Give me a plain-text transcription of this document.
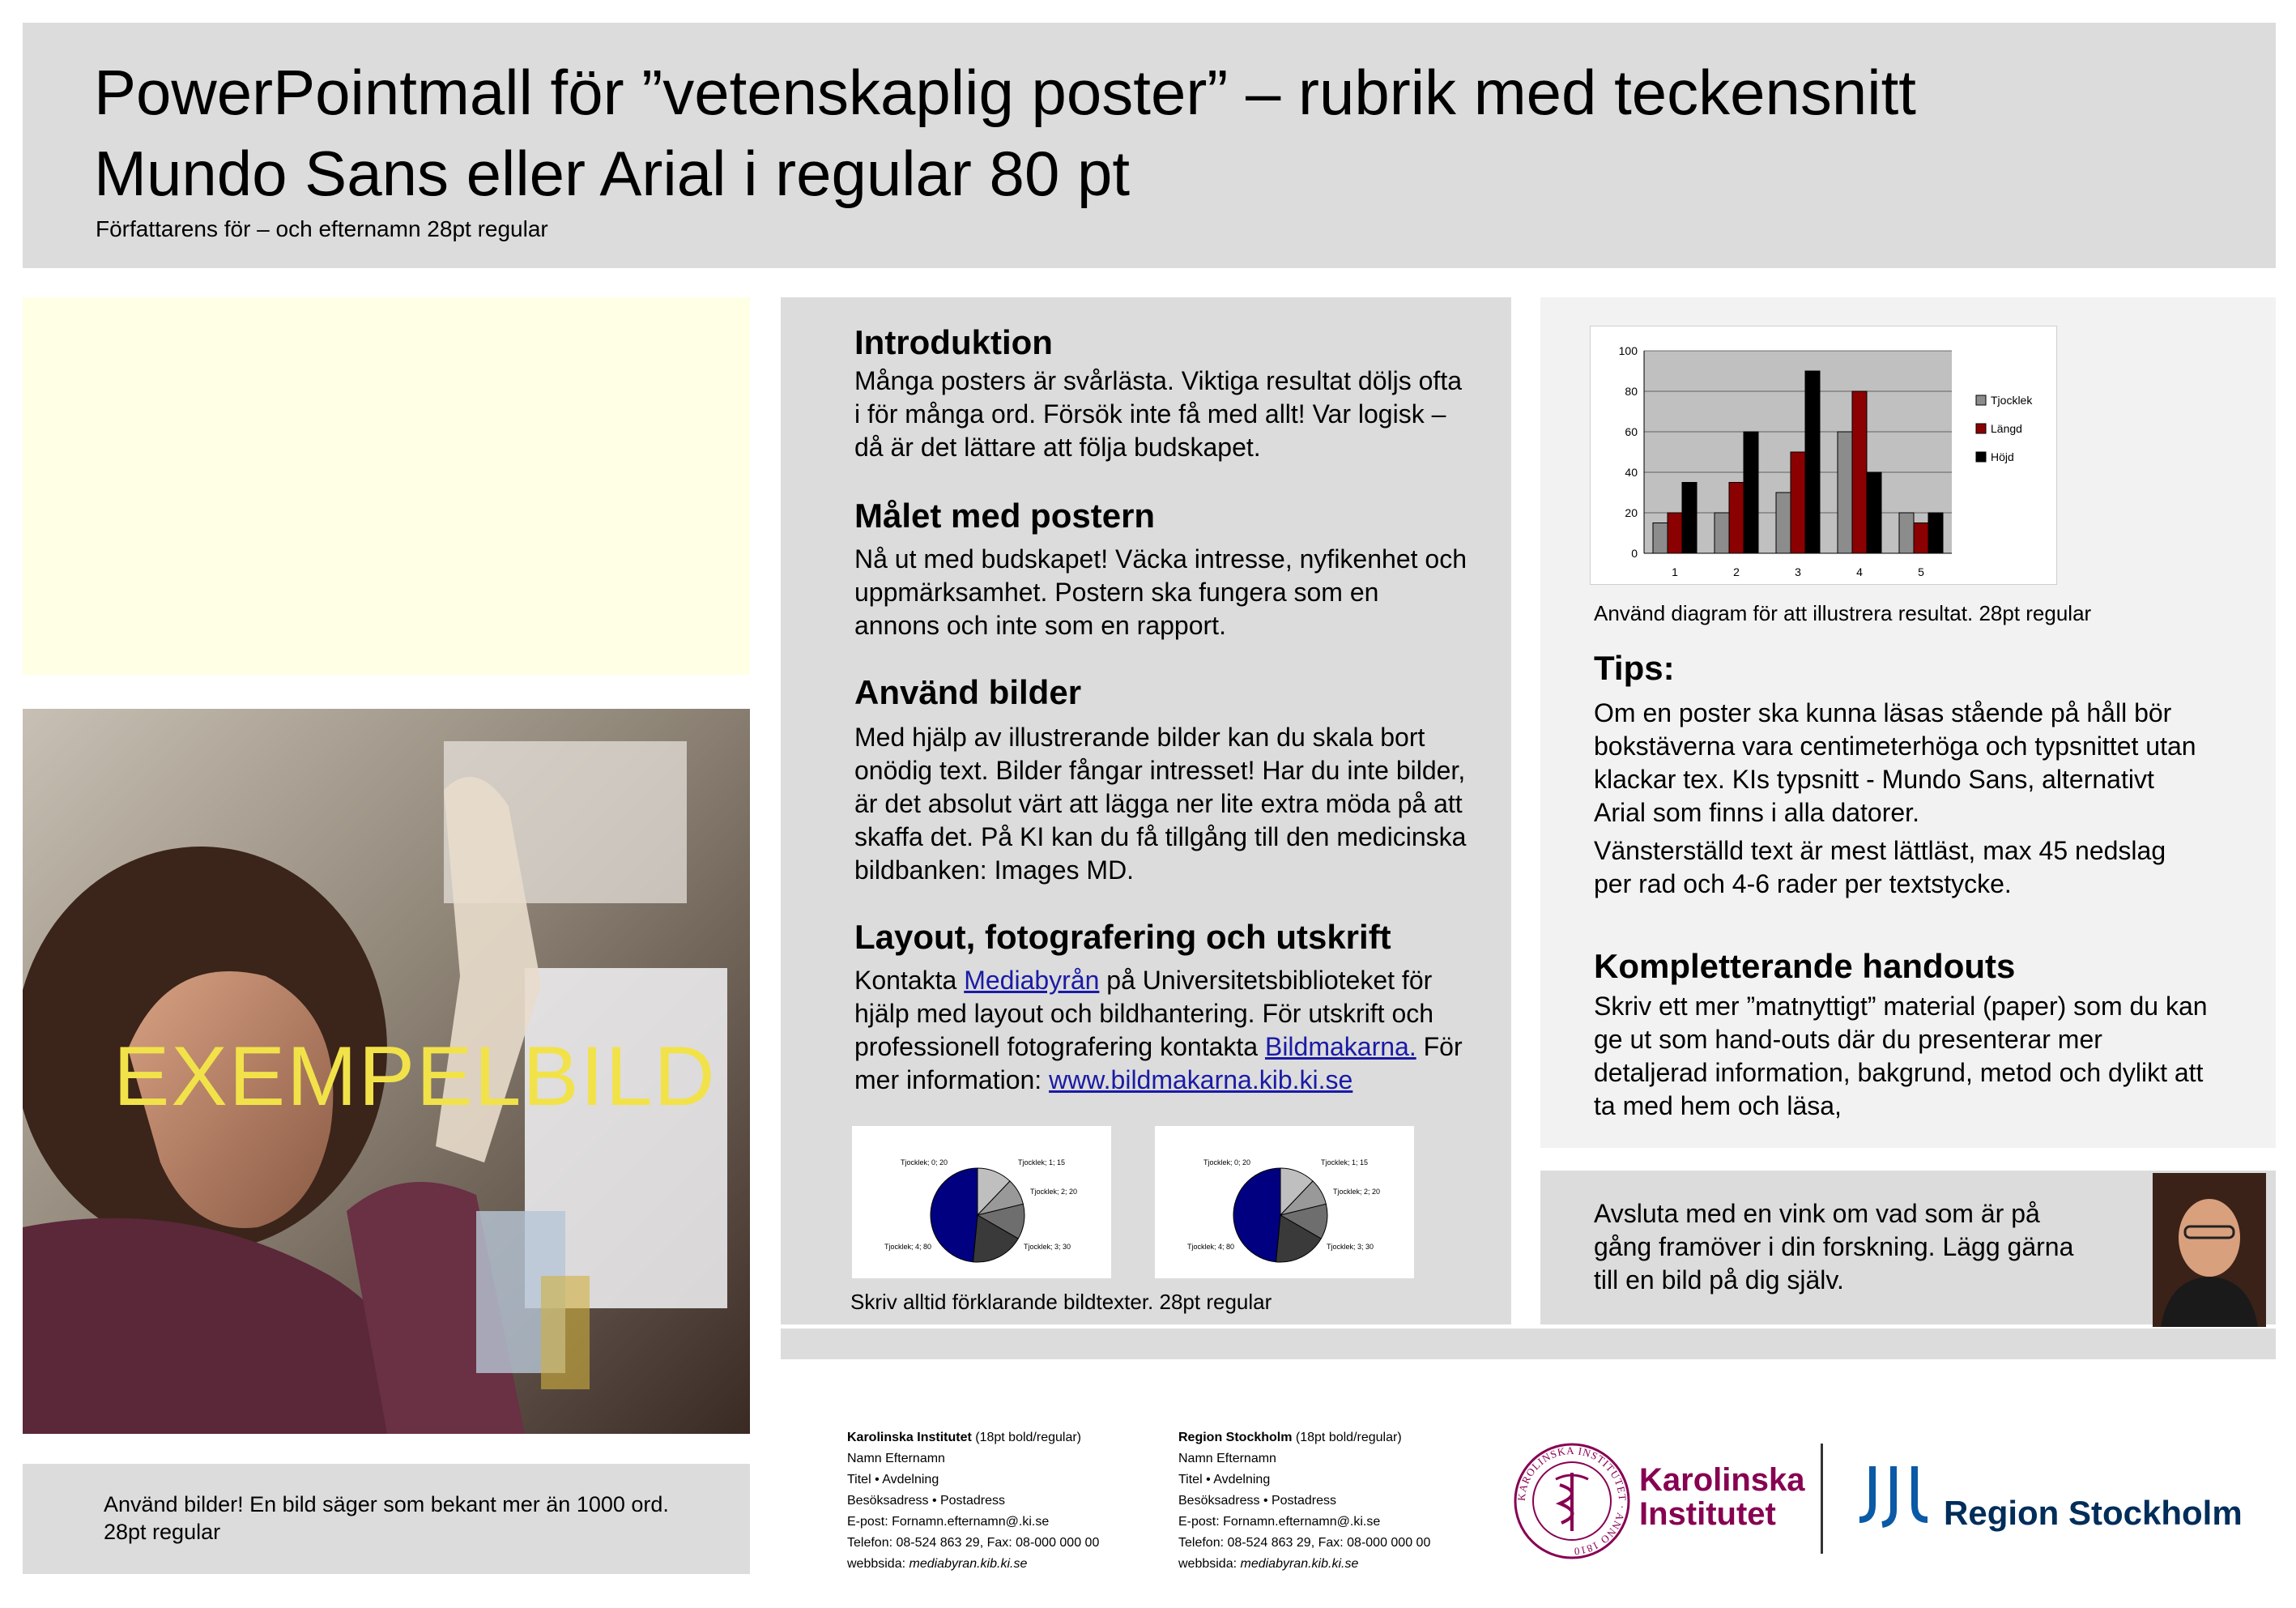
PowerPointmall för ”vetenskaplig poster” – rubrik med teckensnitt
Mundo Sans eller Arial i regular 80 pt
Författarens för – och efternamn 28pt regular
EXEMPELBILD
Använd bilder! En bild säger som bekant mer än 1000 ord. 28pt regular
Introduktion
Många posters är svårlästa. Viktiga resultat döljs ofta i för många ord. Försök inte få med allt! Var logisk – då är det lättare att följa budskapet.
Målet med postern
Nå ut med budskapet! Väcka intresse, nyfikenhet och uppmärksamhet. Postern ska fungera som en annons och inte som en rapport.
Använd bilder
Med hjälp av illustrerande bilder kan du skala bort onödig text. Bilder fångar intresset! Har du inte bilder, är det absolut värt att lägga ner lite extra möda på att skaffa det. På KI kan du få tillgång till den medicinska bildbanken: Images MD.
Layout, fotografering och utskrift
Kontakta Mediabyrån på Universitetsbiblioteket för hjälp med layout och bildhantering. För utskrift och professionell fotografering kontakta Bildmakarna. För mer information: www.bildmakarna.kib.ki.se
Tjocklek; 0; 20	Tjocklek; 1; 15
Tjocklek; 2; 20
Tjocklek; 3; 30
Tjocklek; 4; 80
Tjocklek; 0; 20	Tjocklek; 1; 15
Tjocklek; 2; 20
Tjocklek; 3; 30
Tjocklek; 4; 80
Skriv alltid förklarande bildtexter. 28pt regular
0
20
40
60
80
100
1	2	3	4	5
Tjocklek
Längd
Höjd
Använd diagram för att illustrera resultat. 28pt regular
Tips:
Om en poster ska kunna läsas stående på håll bör bokstäverna vara centimeterhöga och typsnittet utan klackar tex. KIs typsnitt - Mundo Sans, alternativt Arial som finns i alla datorer.
Vänsterställd text är mest lättläst, max 45 nedslag per rad och 4-6 rader per textstycke.
Kompletterande handouts
Skriv ett mer ”matnyttigt” material (paper) som du kan ge ut som hand-outs där du presenterar mer detaljerad information, bakgrund, metod och dylikt att ta med hem och läsa,
Avsluta med en vink om vad som är på gång framöver i din forskning. Lägg gärna till en bild på dig själv.
Karolinska Institutet (18pt bold/regular)
Namn Efternamn
Titel • Avdelning
Besöksadress • Postadress
E-post: Fornamn.efternamn@.ki.se
Telefon: 08-524 863 29, Fax: 08-000 000 00
webbsida: mediabyran.kib.ki.se
Region Stockholm (18pt bold/regular)
Namn Efternamn
Titel • Avdelning
Besöksadress • Postadress
E-post: Fornamn.efternamn@.ki.se
Telefon: 08-524 863 29, Fax: 08-000 000 00
webbsida: mediabyran.kib.ki.se
KAROLINSKA INSTITUTET · ANNO 1810
Karolinska
Institutet	Region Stockholm
